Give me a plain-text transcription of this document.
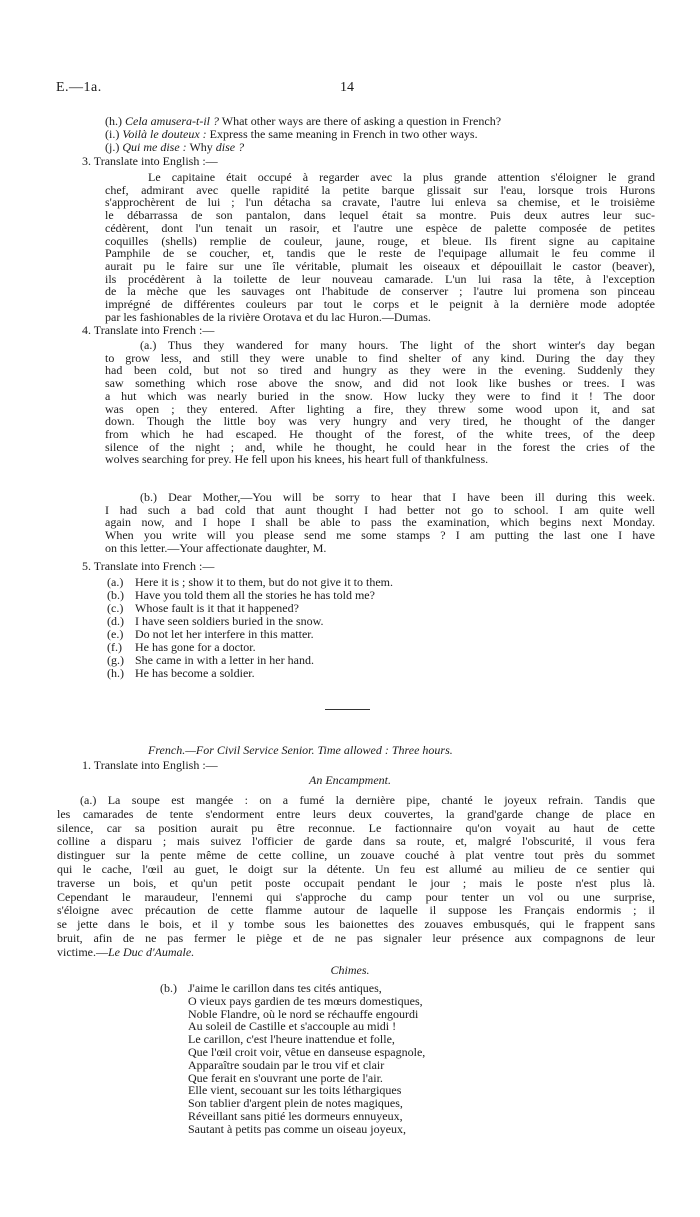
E.—1a.	14
(h.) Cela amusera-t-il ? What other ways are there of asking a question in French?
(i.) Voilà le douteux : Express the same meaning in French in two other ways.
(j.) Qui me dise : Why dise ?
3. Translate into English :—
Le capitaine était occupé à regarder avec la plus grande attention s'éloigner le grand
chef, admirant avec quelle rapidité la petite barque glissait sur l'eau, lorsque trois Hurons
s'approchèrent de lui ; l'un détacha sa cravate, l'autre lui enleva sa chemise, et le troisième
le débarrassa de son pantalon, dans lequel était sa montre. Puis deux autres leur suc-
cédèrent, dont l'un tenait un rasoir, et l'autre une espèce de palette composée de petites
coquilles (shells) remplie de couleur, jaune, rouge, et bleue. Ils firent signe au capitaine
Pamphile de se coucher, et, tandis que le reste de l'equipage allumait le feu comme il
aurait pu le faire sur une île véritable, plumait les oiseaux et dépouillait le castor (beaver),
ils procédèrent à la toilette de leur nouveau camarade. L'un lui rasa la tête, à l'exception
de la mèche que les sauvages ont l'habitude de conserver ; l'autre lui promena son pinceau
imprégné de différentes couleurs par tout le corps et le peignit à la dernière mode adoptée
par les fashionables de la rivière Orotava et du lac Huron.—Dumas.
4. Translate into French :—
(a.) Thus they wandered for many hours. The light of the short winter's day began
to grow less, and still they were unable to find shelter of any kind. During the day they
had been cold, but not so tired and hungry as they were in the evening. Suddenly they
saw something which rose above the snow, and did not look like bushes or trees. I was
a hut which was nearly buried in the snow. How lucky they were to find it ! The door
was open ; they entered. After lighting a fire, they threw some wood upon it, and sat
down. Though the little boy was very hungry and very tired, he thought of the danger
from which he had escaped. He thought of the forest, of the white trees, of the deep
silence of the night ; and, while he thought, he could hear in the forest the cries of the
wolves searching for prey. He fell upon his knees, his heart full of thankfulness.
(b.) Dear Mother,—You will be sorry to hear that I have been ill during this week.
I had such a bad cold that aunt thought I had better not go to school. I am quite well
again now, and I hope I shall be able to pass the examination, which begins next Monday.
When you write will you please send me some stamps ? I am putting the last one I have
on this letter.—Your affectionate daughter, M.
5. Translate into French :—
(a.) Here it is ; show it to them, but do not give it to them.
(b.) Have you told them all the stories he has told me?
(c.) Whose fault is it that it happened?
(d.) I have seen soldiers buried in the snow.
(e.) Do not let her interfere in this matter.
(f.) He has gone for a doctor.
(g.) She came in with a letter in her hand.
(h.) He has become a soldier.
French.—For Civil Service Senior. Time allowed : Three hours.
1. Translate into English :—
An Encampment.
(a.) La soupe est mangée : on a fumé la dernière pipe, chanté le joyeux refrain. Tandis que
les camarades de tente s'endorment entre leurs deux couvertes, la grand'garde change de place en
silence, car sa position aurait pu être reconnue. Le factionnaire qu'on voyait au haut de cette
colline a disparu ; mais suivez l'officier de garde dans sa route, et, malgré l'obscurité, il vous fera
distinguer sur la pente même de cette colline, un zouave couché à plat ventre tout près du sommet
qui le cache, l'œil au guet, le doigt sur la détente. Un feu est allumé au milieu de ce sentier qui
traverse un bois, et qu'un petit poste occupait pendant le jour ; mais le poste n'est plus là.
Cependant le maraudeur, l'ennemi qui s'approche du camp pour tenter un vol ou une surprise,
s'éloigne avec précaution de cette flamme autour de laquelle il suppose les Français endormis ; il
se jette dans le bois, et il y tombe sous les baionettes des zouaves embusqués, qui le frappent sans
bruit, afin de ne pas fermer le piège et de ne pas signaler leur présence aux compagnons de leur
victime.—Le Duc d'Aumale.
Chimes.
(b.) J'aime le carillon dans tes cités antiques,
O vieux pays gardien de tes mœurs domestiques,
Noble Flandre, où le nord se réchauffe engourdi
Au soleil de Castille et s'accouple au midi !
Le carillon, c'est l'heure inattendue et folle,
Que l'œil croit voir, vêtue en danseuse espagnole,
Apparaître soudain par le trou vif et clair
Que ferait en s'ouvrant une porte de l'air.
Elle vient, secouant sur les toits léthargiques
Son tablier d'argent plein de notes magiques,
Réveillant sans pitié les dormeurs ennuyeux,
Sautant à petits pas comme un oiseau joyeux,
